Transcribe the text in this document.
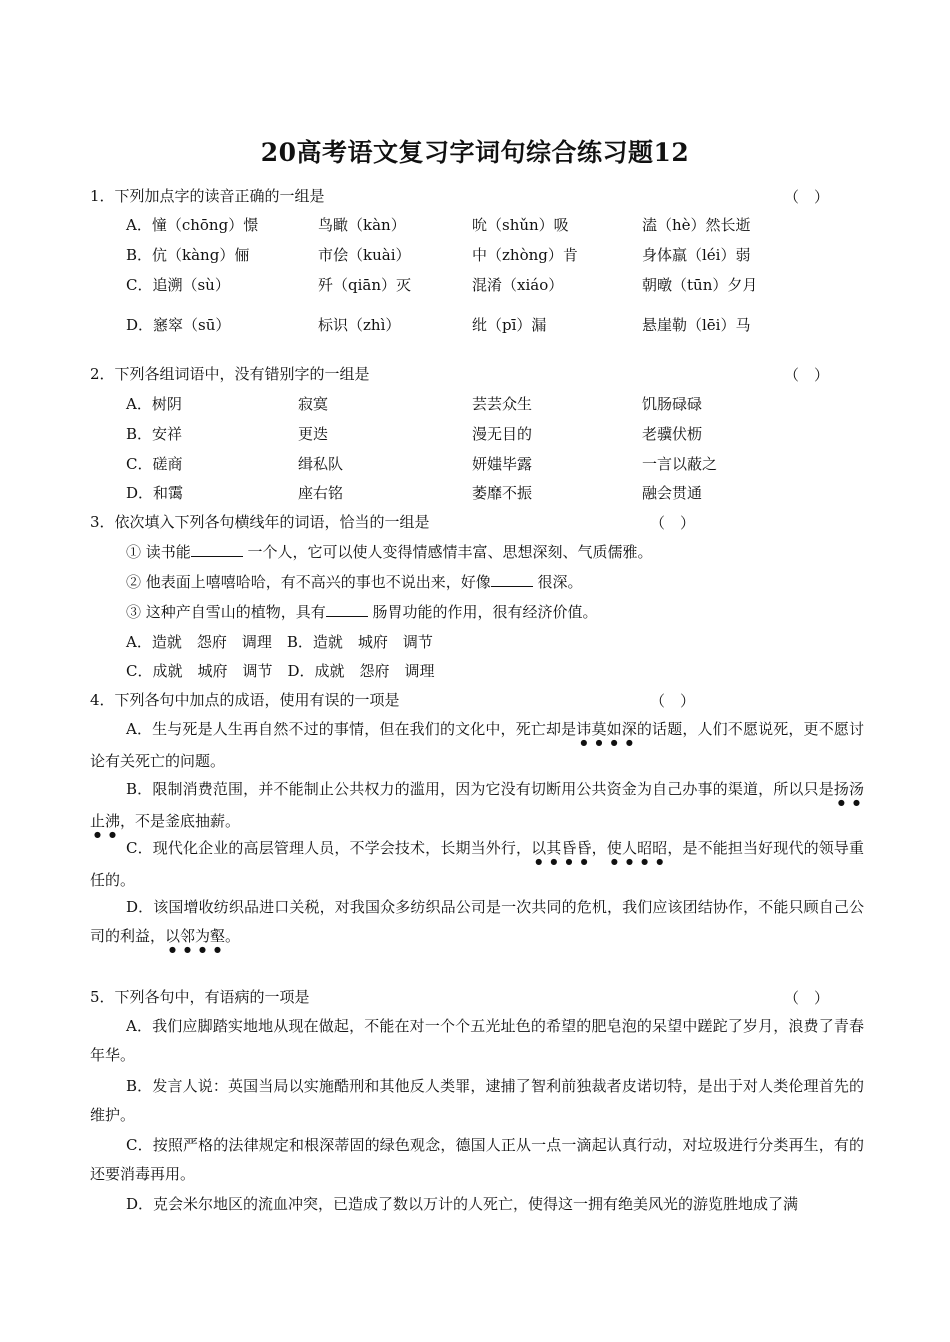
20高考语文复习字词句综合练习题12
1．下列加点字的读音正确的一组是	（　）
A．憧（chōng）憬	鸟瞰（kàn）	吮（shǔn）吸	溘（hè）然长逝
B．伉（kàng）俪	市侩（kuài）	中（zhòng）肯	身体羸（léi）弱
C．追溯（sù）	歼（qiān）灭	混淆（xiáo）	朝暾（tūn）夕月
D．窸窣（sū）	标识（zhì）	纰（pī）漏	悬崖勒（lēi）马
2．下列各组词语中，没有错别字的一组是	（　）
A．树阴	寂寞	芸芸众生	饥肠碌碌
B．安祥	更迭	漫无目的	老骥伏枥
C．磋商	缉私队	妍媸毕露	一言以蔽之
D．和霭	座右铭	萎靡不振	融会贯通
3．依次填入下列各句横线年的词语，恰当的一组是	（　）
① 读书能	一个人，它可以使人变得情感情丰富、思想深刻、气质儒雅。
② 他表面上嘻嘻哈哈，有不高兴的事也不说出来，好像	很深。
③ 这种产自雪山的植物，具有	肠胃功能的作用，很有经济价值。
A．造就　怨府　调理　B．造就　城府　调节
C．成就　城府　调节　D．成就　怨府　调理
4．下列各句中加点的成语，使用有误的一项是	（　）
A．生与死是人生再自然不过的事情，但在我们的文化中，死亡却是讳莫如深的话题，人们不愿说死，更不愿讨论有关死亡的问题。
B．限制消费范围，并不能制止公共权力的滥用，因为它没有切断用公共资金为自己办事的渠道，所以只是扬汤止沸，不是釜底抽薪。
C．现代化企业的高层管理人员，不学会技术，长期当外行，以其昏昏，使人昭昭，是不能担当好现代的领导重任的。
D．该国增收纺织品进口关税，对我国众多纺织品公司是一次共同的危机，我们应该团结协作，不能只顾自己公司的利益，以邻为壑。
5．下列各句中，有语病的一项是	（　）
A．我们应脚踏实地地从现在做起，不能在对一个个五光址色的希望的肥皂泡的呆望中蹉跎了岁月，浪费了青春年华。
B．发言人说：英国当局以实施酷刑和其他反人类罪，逮捕了智利前独裁者皮诺切特，是出于对人类伦理首先的维护。
C．按照严格的法律规定和根深蒂固的绿色观念，德国人正从一点一滴起认真行动，对垃圾进行分类再生，有的还要消毒再用。
D．克会米尔地区的流血冲突，已造成了数以万计的人死亡，使得这一拥有绝美风光的游览胜地成了满
